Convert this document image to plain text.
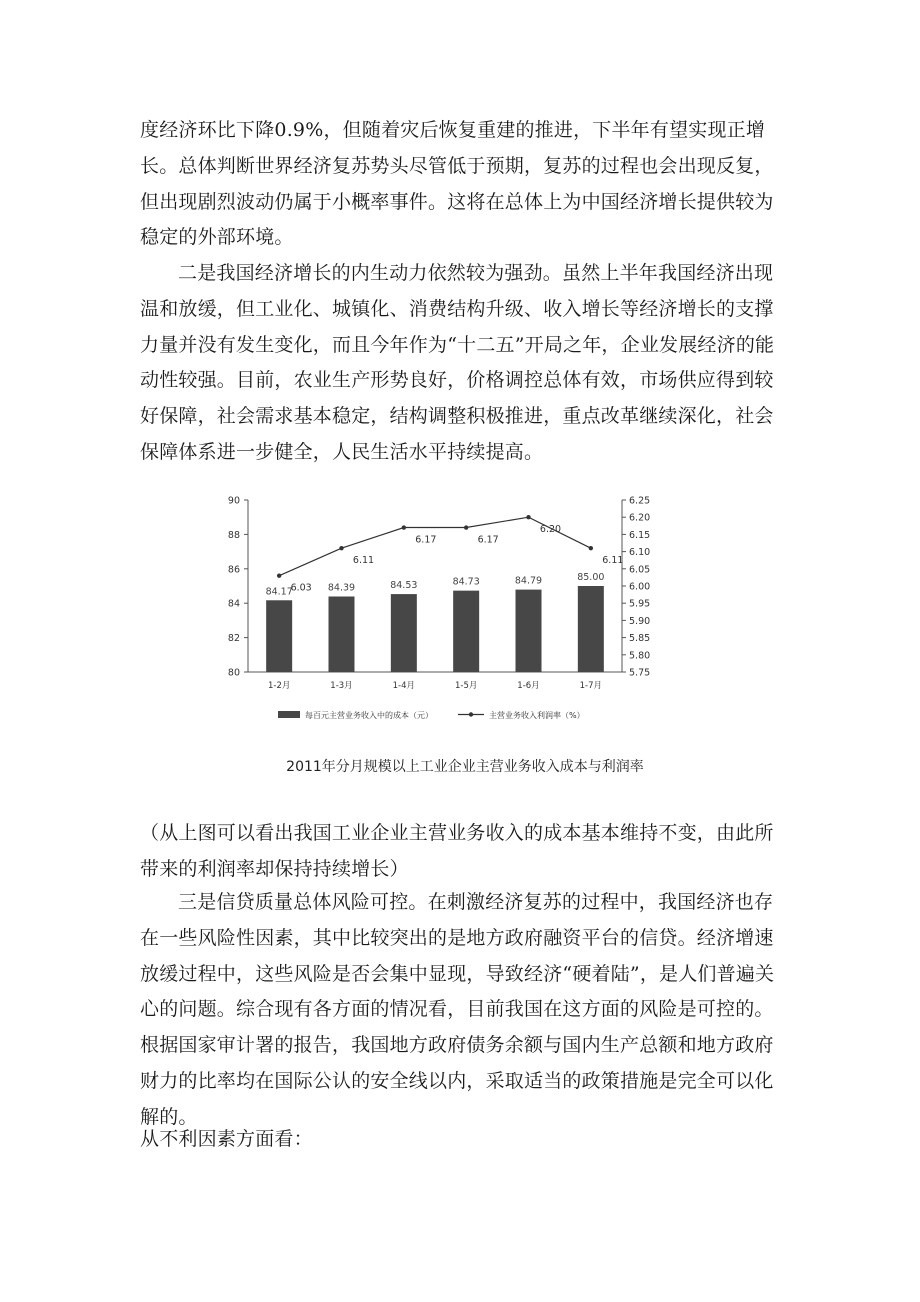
度经济环比下降0.9%，但随着灾后恢复重建的推进，下半年有望实现正增长。总体判断世界经济复苏势头尽管低于预期，复苏的过程也会出现反复，但出现剧烈波动仍属于小概率事件。这将在总体上为中国经济增长提供较为稳定的外部环境。

二是我国经济增长的内生动力依然较为强劲。虽然上半年我国经济出现温和放缓，但工业化、城镇化、消费结构升级、收入增长等经济增长的支撑力量并没有发生变化，而且今年作为“十二五”开局之年，企业发展经济的能动性较强。目前，农业生产形势良好，价格调控总体有效，市场供应得到较好保障，社会需求基本稳定，结构调整积极推进，重点改革继续深化，社会保障体系进一步健全，人民生活水平持续提高。

80
82
84
86
88
90
5.75
5.80
5.85
5.90
5.95
6.00
6.05
6.10
6.15
6.20
6.25
84.17
1-2月
84.39
1-3月
84.53
1-4月
84.73
1-5月
84.79
1-6月
85.00
1-7月
6.03
6.11
6.17	6.17
6.20
6.11
每百元主营业务收入中的成本（元）	主营业务收入利润率（%）
2011年分月规模以上工业企业主营业务收入成本与利润率

（从上图可以看出我国工业企业主营业务收入的成本基本维持不变，由此所带来的利润率却保持持续增长）

三是信贷质量总体风险可控。在刺激经济复苏的过程中，我国经济也存在一些风险性因素，其中比较突出的是地方政府融资平台的信贷。经济增速放缓过程中，这些风险是否会集中显现，导致经济“硬着陆”，是人们普遍关心的问题。综合现有各方面的情况看，目前我国在这方面的风险是可控的。根据国家审计署的报告，我国地方政府债务余额与国内生产总额和地方政府财力的比率均在国际公认的安全线以内，采取适当的政策措施是完全可以化解的。

从不利因素方面看：
